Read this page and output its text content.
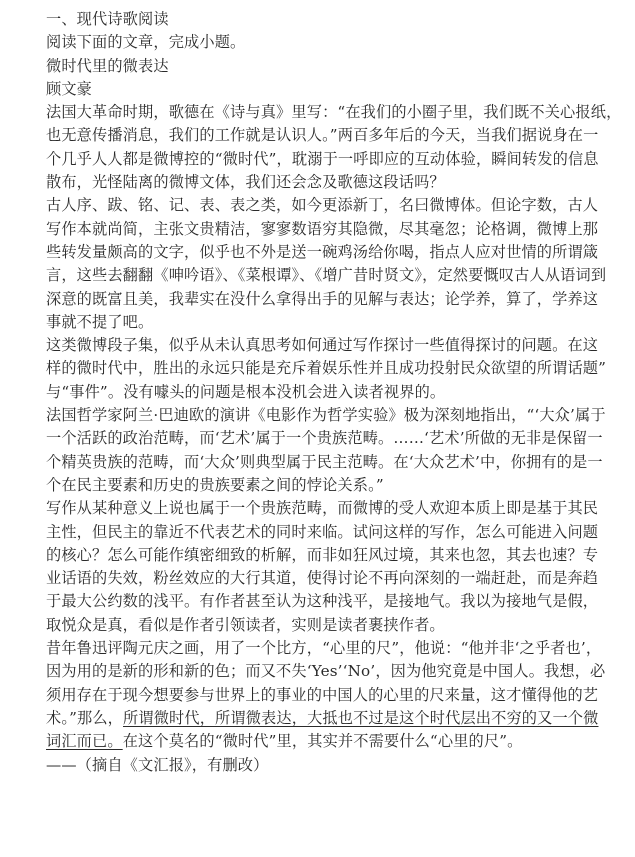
一、现代诗歌阅读
阅读下面的文章，完成小题。
微时代里的微表达
顾文豪
法国大革命时期，歌德在《诗与真》里写：“在我们的小圈子里，我们既不关心报纸，
也无意传播消息，我们的工作就是认识人。”两百多年后的今天，当我们据说身在一
个几乎人人都是微博控的“微时代”，耽溺于一呼即应的互动体验，瞬间转发的信息
散布，光怪陆离的微博文体，我们还会念及歌德这段话吗？
古人序、跋、铭、记、表、表之类，如今更添新丁，名曰微博体。但论字数，古人
写作本就尚简，主张文贵精洁，寥寥数语穷其隐微，尽其毫忽；论格调，微博上那
些转发量颇高的文字，似乎也不外是送一碗鸡汤给你喝，指点人应对世情的所谓箴
言，这些去翻翻《呻吟语》、《菜根谭》、《增广昔时贤文》，定然要慨叹古人从语词到
深意的既富且美，我辈实在没什么拿得出手的见解与表达；论学养，算了，学养这
事就不提了吧。
这类微博段子集，似乎从未认真思考如何通过写作探讨一些值得探讨的问题。在这
样的微时代中，胜出的永远只能是充斥着娱乐性并且成功投射民众欲望的所谓话题”
与“事件”。没有噱头的问题是根本没机会进入读者视界的。
法国哲学家阿兰·巴迪欧的演讲《电影作为哲学实验》极为深刻地指出，“‘大众’属于
一个活跃的政治范畴，而‘艺术’属于一个贵族范畴。……‘艺术’所做的无非是保留一
个精英贵族的范畴，而‘大众’则典型属于民主范畴。在‘大众艺术’中，你拥有的是一
个在民主要素和历史的贵族要素之间的悖论关系。”
写作从某种意义上说也属于一个贵族范畴，而微博的受人欢迎本质上即是基于其民
主性，但民主的靠近不代表艺术的同时来临。试问这样的写作，怎么可能进入问题
的核心？怎么可能作缜密细致的析解，而非如狂风过境，其来也忽，其去也速？专
业话语的失效，粉丝效应的大行其道，使得讨论不再向深刻的一端赶赴，而是奔趋
于最大公约数的浅平。有作者甚至认为这种浅平，是接地气。我以为接地气是假，
取悦众是真，看似是作者引领读者，实则是读者裹挟作者。
昔年鲁迅评陶元庆之画，用了一个比方，“心里的尺”，他说：“他并非‘之乎者也’，
因为用的是新的形和新的色；而又不失‘Yes’‘No’，因为他究竟是中国人。我想，必
须用存在于现今想要参与世界上的事业的中国人的心里的尺来量，这才懂得他的艺
术。”那么，所谓微时代，所谓微表达，大抵也不过是这个时代层出不穷的又一个微
词汇而已。在这个莫名的“微时代”里，其实并不需要什么“心里的尺”。
——（摘自《文汇报》，有删改）
